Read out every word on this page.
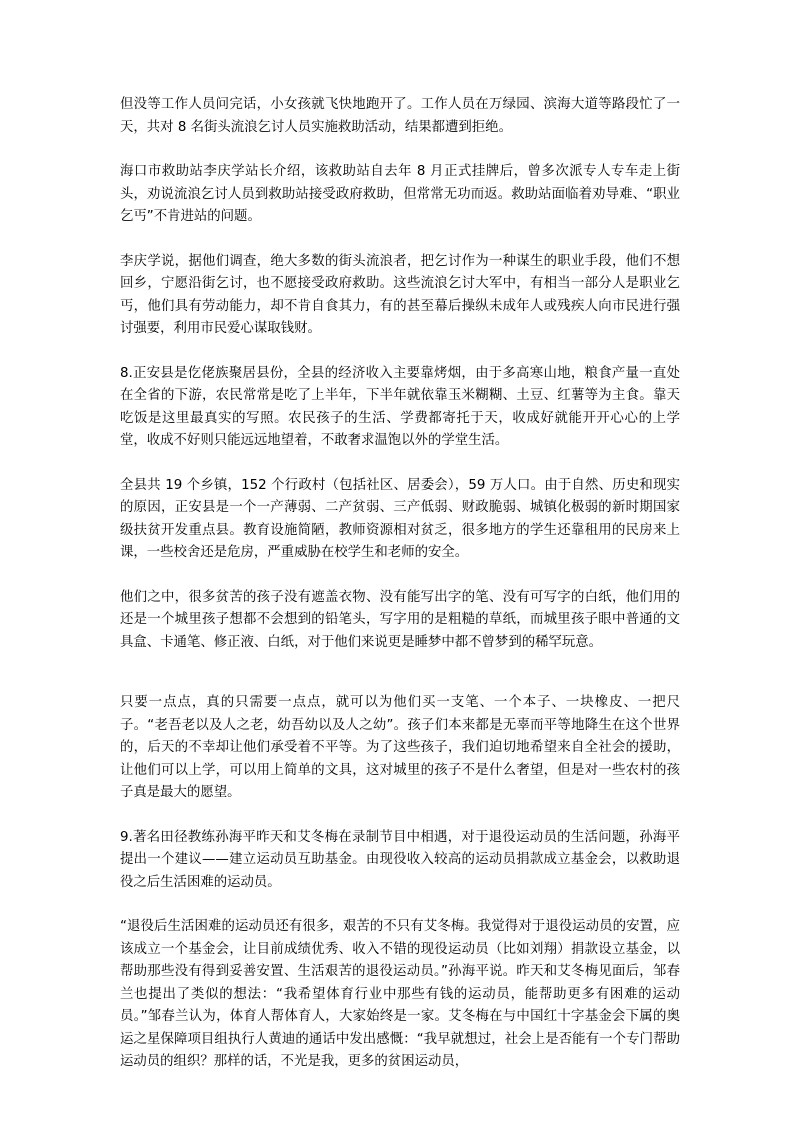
但没等工作人员问完话，小女孩就飞快地跑开了。工作人员在万绿园、滨海大道等路段忙了一天，共对 8 名街头流浪乞讨人员实施救助活动，结果都遭到拒绝。

海口市救助站李庆学站长介绍，该救助站自去年 8 月正式挂牌后，曾多次派专人专车走上街头，劝说流浪乞讨人员到救助站接受政府救助，但常常无功而返。救助站面临着劝导难、“职业乞丐”不肯进站的问题。

李庆学说，据他们调查，绝大多数的街头流浪者，把乞讨作为一种谋生的职业手段，他们不想回乡，宁愿沿街乞讨，也不愿接受政府救助。这些流浪乞讨大军中，有相当一部分人是职业乞丐，他们具有劳动能力，却不肯自食其力，有的甚至幕后操纵未成年人或残疾人向市民进行强讨强要，利用市民爱心谋取钱财。

8.正安县是仡佬族聚居县份，全县的经济收入主要靠烤烟，由于多高寒山地，粮食产量一直处在全省的下游，农民常常是吃了上半年，下半年就依靠玉米糊糊、土豆、红薯等为主食。靠天吃饭是这里最真实的写照。农民孩子的生活、学费都寄托于天，收成好就能开开心心的上学堂，收成不好则只能远远地望着，不敢奢求温饱以外的学堂生活。

全县共 19 个乡镇，152 个行政村（包括社区、居委会），59 万人口。由于自然、历史和现实的原因，正安县是一个一产薄弱、二产贫弱、三产低弱、财政脆弱、城镇化极弱的新时期国家级扶贫开发重点县。教育设施简陋，教师资源相对贫乏，很多地方的学生还靠租用的民房来上课，一些校舍还是危房，严重威胁在校学生和老师的安全。

他们之中，很多贫苦的孩子没有遮盖衣物、没有能写出字的笔、没有可写字的白纸，他们用的还是一个城里孩子想都不会想到的铅笔头，写字用的是粗糙的草纸，而城里孩子眼中普通的文具盒、卡通笔、修正液、白纸，对于他们来说更是睡梦中都不曾梦到的稀罕玩意。

只要一点点，真的只需要一点点，就可以为他们买一支笔、一个本子、一块橡皮、一把尺子。“老吾老以及人之老，幼吾幼以及人之幼”。孩子们本来都是无辜而平等地降生在这个世界的，后天的不幸却让他们承受着不平等。为了这些孩子，我们迫切地希望来自全社会的援助，让他们可以上学，可以用上简单的文具，这对城里的孩子不是什么奢望，但是对一些农村的孩子真是最大的愿望。

9.著名田径教练孙海平昨天和艾冬梅在录制节目中相遇，对于退役运动员的生活问题，孙海平提出一个建议——建立运动员互助基金。由现役收入较高的运动员捐款成立基金会，以救助退役之后生活困难的运动员。

“退役后生活困难的运动员还有很多，艰苦的不只有艾冬梅。我觉得对于退役运动员的安置，应该成立一个基金会，让目前成绩优秀、收入不错的现役运动员（比如刘翔）捐款设立基金，以帮助那些没有得到妥善安置、生活艰苦的退役运动员。”孙海平说。昨天和艾冬梅见面后，邹春兰也提出了类似的想法：“我希望体育行业中那些有钱的运动员，能帮助更多有困难的运动员。”邹春兰认为，体育人帮体育人，大家始终是一家。艾冬梅在与中国红十字基金会下属的奥运之星保障项目组执行人黄迪的通话中发出感慨：“我早就想过，社会上是否能有一个专门帮助运动员的组织？那样的话，不光是我，更多的贫困运动员，
